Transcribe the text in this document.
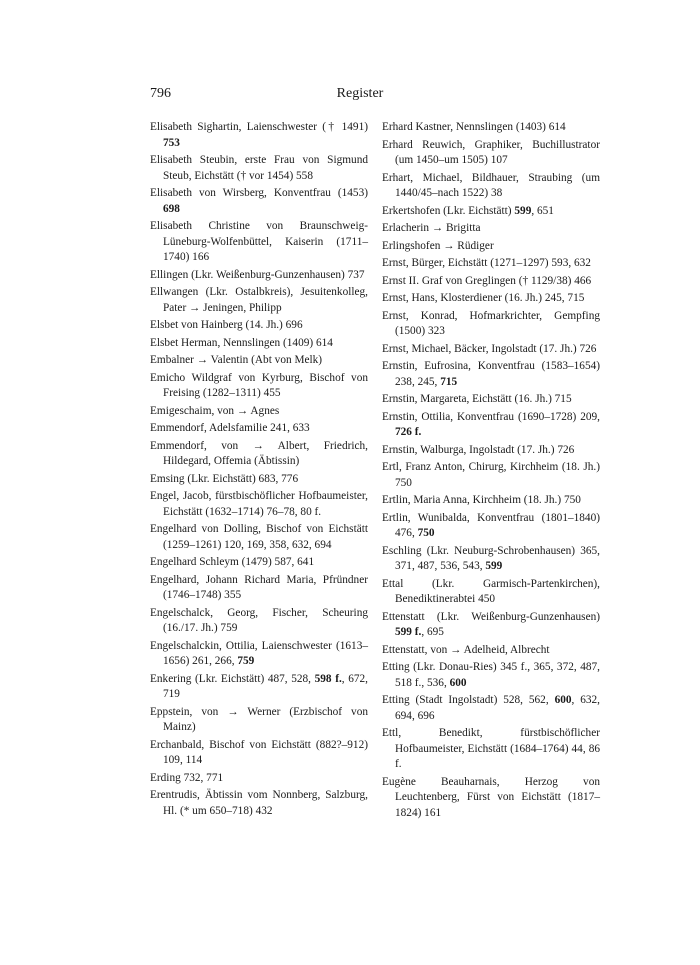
796	Register
Elisabeth Sighartin, Laienschwester († 1491) 753
Elisabeth Steubin, erste Frau von Sigmund Steub, Eichstätt († vor 1454) 558
Elisabeth von Wirsberg, Konventfrau (1453) 698
Elisabeth Christine von Braunschweig-Lüneburg-Wolfenbüttel, Kaiserin (1711–1740) 166
Ellingen (Lkr. Weißenburg-Gunzenhausen) 737
Ellwangen (Lkr. Ostalbkreis), Jesuitenkolleg, Pater → Jeningen, Philipp
Elsbet von Hainberg (14. Jh.) 696
Elsbet Herman, Nennslingen (1409) 614
Embalner → Valentin (Abt von Melk)
Emicho Wildgraf von Kyrburg, Bischof von Freising (1282–1311) 455
Emigeschaim, von → Agnes
Emmendorf, Adelsfamilie 241, 633
Emmendorf, von → Albert, Friedrich, Hildegard, Offemia (Äbtissin)
Emsing (Lkr. Eichstätt) 683, 776
Engel, Jacob, fürstbischöflicher Hofbaumeister, Eichstätt (1632–1714) 76–78, 80 f.
Engelhard von Dolling, Bischof von Eichstätt (1259–1261) 120, 169, 358, 632, 694
Engelhard Schleym (1479) 587, 641
Engelhard, Johann Richard Maria, Pfründner (1746–1748) 355
Engelschalck, Georg, Fischer, Scheuring (16./17. Jh.) 759
Engelschalckin, Ottilia, Laienschwester (1613–1656) 261, 266, 759
Enkering (Lkr. Eichstätt) 487, 528, 598 f., 672, 719
Eppstein, von → Werner (Erzbischof von Mainz)
Erchanbald, Bischof von Eichstätt (882?–912) 109, 114
Erding 732, 771
Erentrudis, Äbtissin vom Nonnberg, Salzburg, Hl. (* um 650–718) 432
Erhard Kastner, Nennslingen (1403) 614
Erhard Reuwich, Graphiker, Buchillustrator (um 1450–um 1505) 107
Erhart, Michael, Bildhauer, Straubing (um 1440/45–nach 1522) 38
Erkertshofen (Lkr. Eichstätt) 599, 651
Erlacherin → Brigitta
Erlingshofen → Rüdiger
Ernst, Bürger, Eichstätt (1271–1297) 593, 632
Ernst II. Graf von Greglingen († 1129/38) 466
Ernst, Hans, Klosterdiener (16. Jh.) 245, 715
Ernst, Konrad, Hofmarkrichter, Gempfing (1500) 323
Ernst, Michael, Bäcker, Ingolstadt (17. Jh.) 726
Ernstin, Eufrosina, Konventfrau (1583–1654) 238, 245, 715
Ernstin, Margareta, Eichstätt (16. Jh.) 715
Ernstin, Ottilia, Konventfrau (1690–1728) 209, 726 f.
Ernstin, Walburga, Ingolstadt (17. Jh.) 726
Ertl, Franz Anton, Chirurg, Kirchheim (18. Jh.) 750
Ertlin, Maria Anna, Kirchheim (18. Jh.) 750
Ertlin, Wunibalda, Konventfrau (1801–1840) 476, 750
Eschling (Lkr. Neuburg-Schrobenhausen) 365, 371, 487, 536, 543, 599
Ettal (Lkr. Garmisch-Partenkirchen), Benediktinerabtei 450
Ettenstatt (Lkr. Weißenburg-Gunzenhausen) 599 f., 695
Ettenstatt, von → Adelheid, Albrecht
Etting (Lkr. Donau-Ries) 345 f., 365, 372, 487, 518 f., 536, 600
Etting (Stadt Ingolstadt) 528, 562, 600, 632, 694, 696
Ettl, Benedikt, fürstbischöflicher Hofbaumeister, Eichstätt (1684–1764) 44, 86 f.
Eugène Beauharnais, Herzog von Leuchtenberg, Fürst von Eichstätt (1817–1824) 161
